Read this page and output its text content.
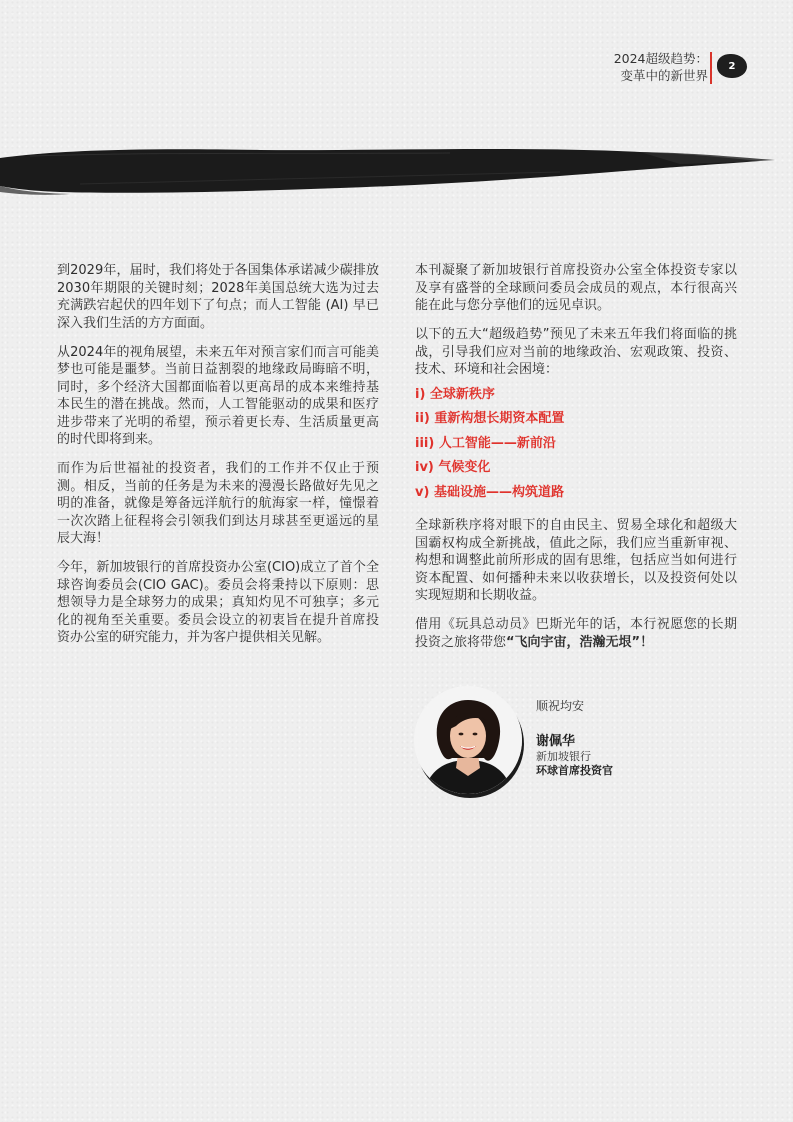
2024超级趋势：
变革中的新世界
2

到2029年，届时，我们将处于各国集体承诺减少碳排放2030年期限的关键时刻；2028年美国总统大选为过去充满跌宕起伏的四年划下了句点；而人工智能 (AI) 早已深入我们生活的方方面面。

从2024年的视角展望，未来五年对预言家们而言可能美梦也可能是噩梦。当前日益割裂的地缘政局晦暗不明，同时，多个经济大国都面临着以更高昂的成本来维持基本民生的潜在挑战。然而，人工智能驱动的成果和医疗进步带来了光明的希望，预示着更长寿、生活质量更高的时代即将到来。

而作为后世福祉的投资者，我们的工作并不仅止于预测。相反，当前的任务是为未来的漫漫长路做好先见之明的准备，就像是筹备远洋航行的航海家一样，憧憬着一次次踏上征程将会引领我们到达月球甚至更遥远的星辰大海！

今年，新加坡银行的首席投资办公室(CIO)成立了首个全球咨询委员会(CIO GAC)。委员会将秉持以下原则：思想领导力是全球努力的成果；真知灼见不可独享；多元化的视角至关重要。委员会设立的初衷旨在提升首席投资办公室的研究能力，并为客户提供相关见解。

本刊凝聚了新加坡银行首席投资办公室全体投资专家以及享有盛誉的全球顾问委员会成员的观点，本行很高兴能在此与您分享他们的远见卓识。

以下的五大“超级趋势”预见了未来五年我们将面临的挑战，引导我们应对当前的地缘政治、宏观政策、投资、技术、环境和社会困境：

i) 全球新秩序
ii) 重新构想长期资本配置
iii) 人工智能——新前沿
iv) 气候变化
v) 基础设施——构筑道路

全球新秩序将对眼下的自由民主、贸易全球化和超级大国霸权构成全新挑战，值此之际，我们应当重新审视、构想和调整此前所形成的固有思维，包括应当如何进行资本配置、如何播种未来以收获增长，以及投资何处以实现短期和长期收益。

借用《玩具总动员》巴斯光年的话，本行祝愿您的长期投资之旅将带您“飞向宇宙，浩瀚无垠”！

顺祝均安
谢佩华
新加坡银行
环球首席投资官
